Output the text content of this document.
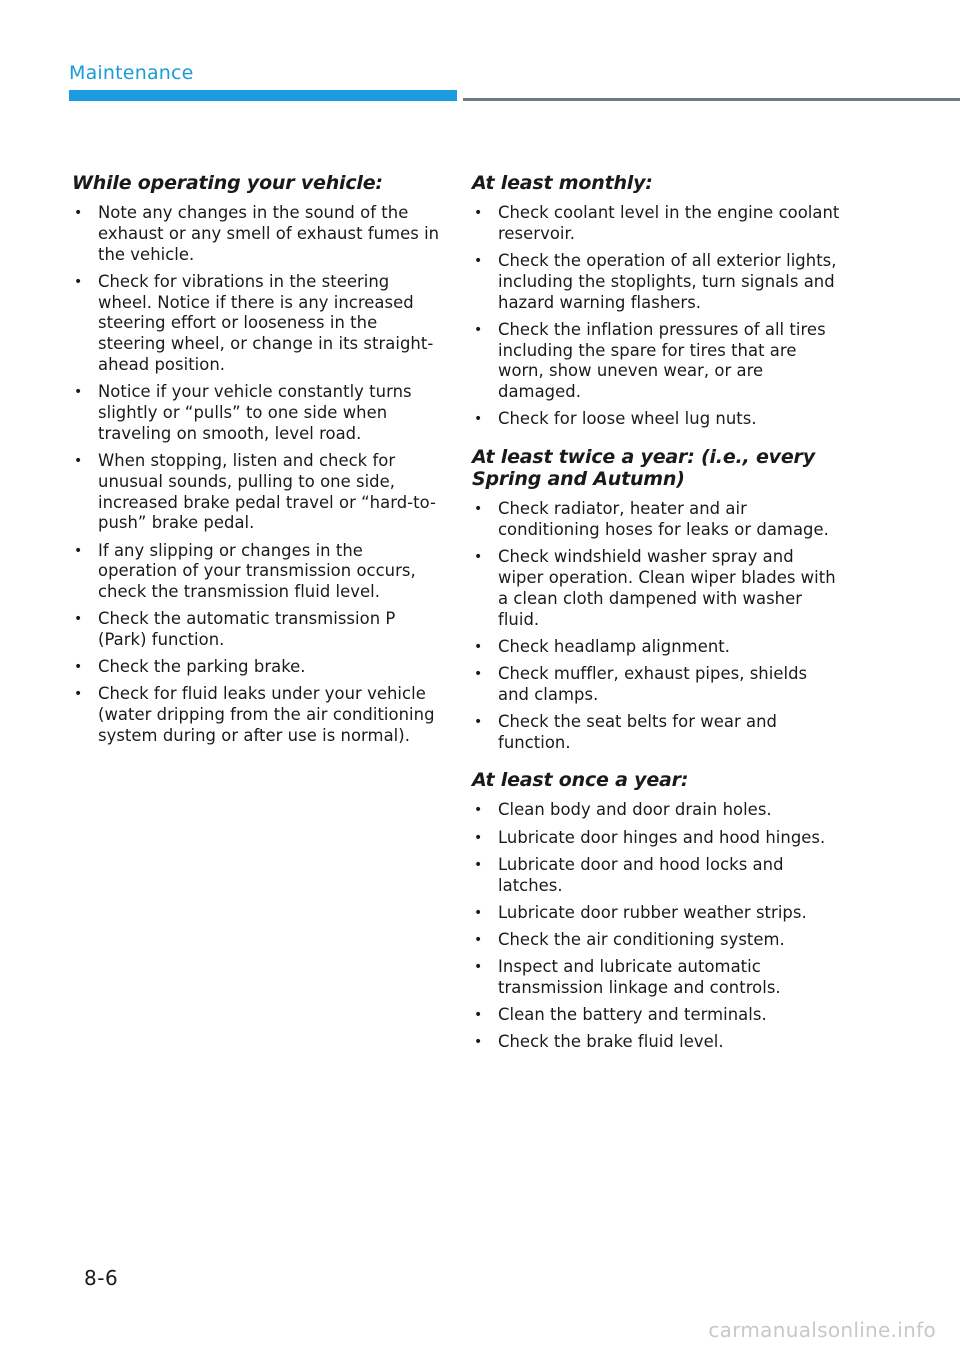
Maintenance
While operating your vehicle:
• Note any changes in the sound of the exhaust or any smell of exhaust fumes in the vehicle.
• Check for vibrations in the steering wheel. Notice if there is any increased steering effort or looseness in the steering wheel, or change in its straight-ahead position.
• Notice if your vehicle constantly turns slightly or “pulls” to one side when traveling on smooth, level road.
• When stopping, listen and check for unusual sounds, pulling to one side, increased brake pedal travel or “hard-to-push” brake pedal.
• If any slipping or changes in the operation of your transmission occurs, check the transmission fluid level.
• Check the automatic transmission P (Park) function.
• Check the parking brake.
• Check for fluid leaks under your vehicle (water dripping from the air conditioning system during or after use is normal).
At least monthly:
• Check coolant level in the engine coolant reservoir.
• Check the operation of all exterior lights, including the stoplights, turn signals and hazard warning flashers.
• Check the inflation pressures of all tires including the spare for tires that are worn, show uneven wear, or are damaged.
• Check for loose wheel lug nuts.
At least twice a year: (i.e., every Spring and Autumn)
• Check radiator, heater and air conditioning hoses for leaks or damage.
• Check windshield washer spray and wiper operation. Clean wiper blades with a clean cloth dampened with washer fluid.
• Check headlamp alignment.
• Check muffler, exhaust pipes, shields and clamps.
• Check the seat belts for wear and function.
At least once a year:
• Clean body and door drain holes.
• Lubricate door hinges and hood hinges.
• Lubricate door and hood locks and latches.
• Lubricate door rubber weather strips.
• Check the air conditioning system.
• Inspect and lubricate automatic transmission linkage and controls.
• Clean the battery and terminals.
• Check the brake fluid level.
8-6
carmanualsonline.info
